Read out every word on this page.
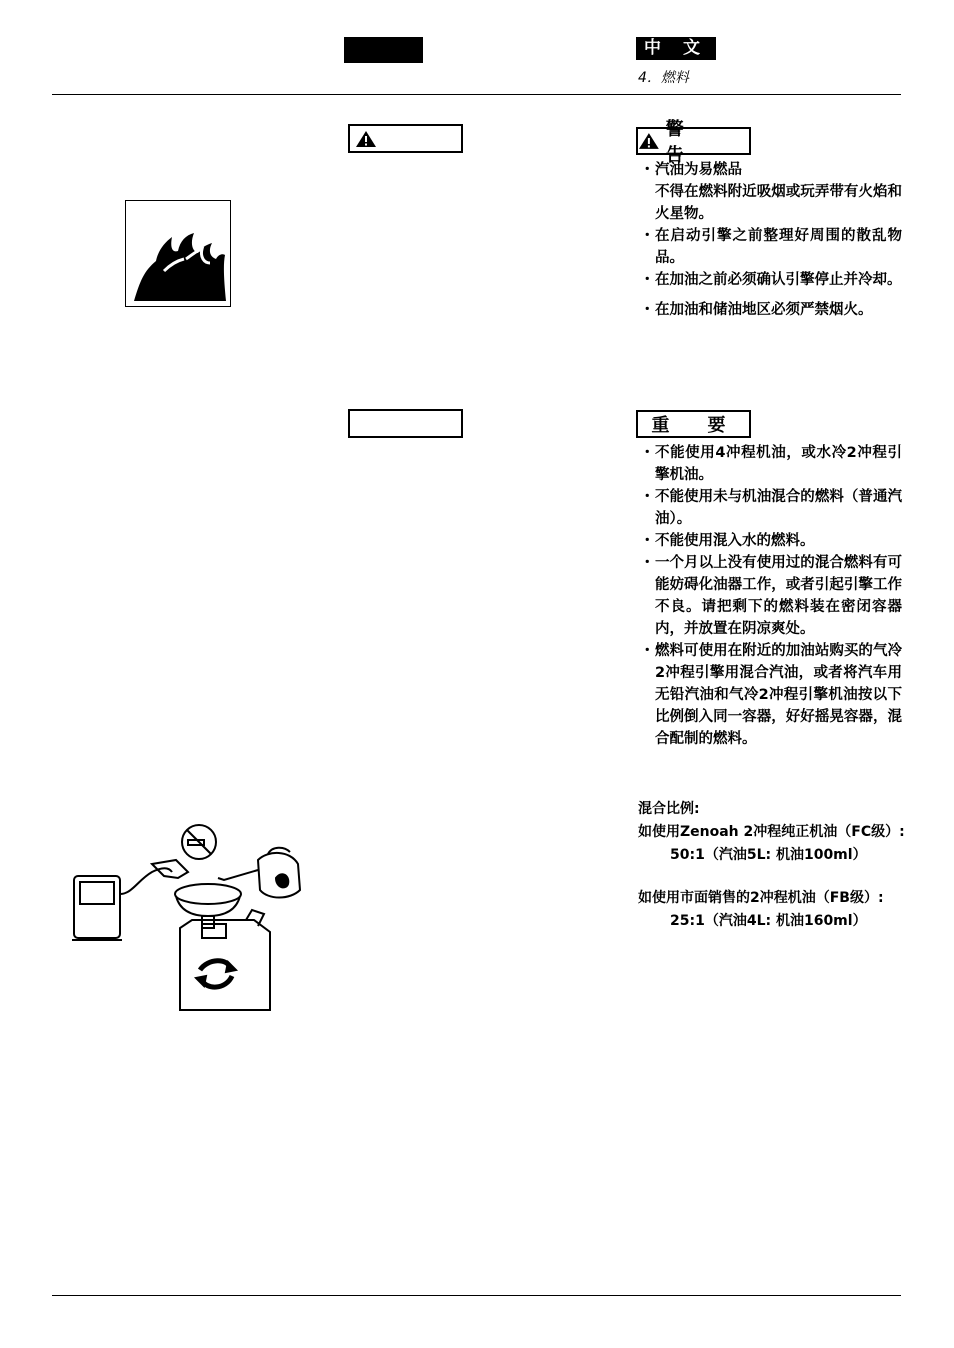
中 文
4．燃料
警　告
・ 汽油为易燃品
不得在燃料附近吸烟或玩弄带有火焰和火星物。
・ 在启动引擎之前整理好周围的散乱物品。
・ 在加油之前必须确认引擎停止并冷却。
・ 在加油和储油地区必须严禁烟火。
重　要
・ 不能使用4冲程机油，或水冷2冲程引擎机油。
・ 不能使用未与机油混合的燃料（普通汽油）。
・ 不能使用混入水的燃料。
・ 一个月以上没有使用过的混合燃料有可能妨碍化油器工作，或者引起引擎工作不良。请把剩下的燃料装在密闭容器内，并放置在阴凉爽处。
・ 燃料可使用在附近的加油站购买的气冷2冲程引擎用混合汽油，或者将汽车用无铅汽油和气冷2冲程引擎机油按以下比例倒入同一容器，好好摇晃容器，混合配制的燃料。
混合比例:
如使用Zenoah 2冲程纯正机油（FC级）:
50:1（汽油5L: 机油100ml）
如使用市面销售的2冲程机油（FB级）:
25:1（汽油4L: 机油160ml）
